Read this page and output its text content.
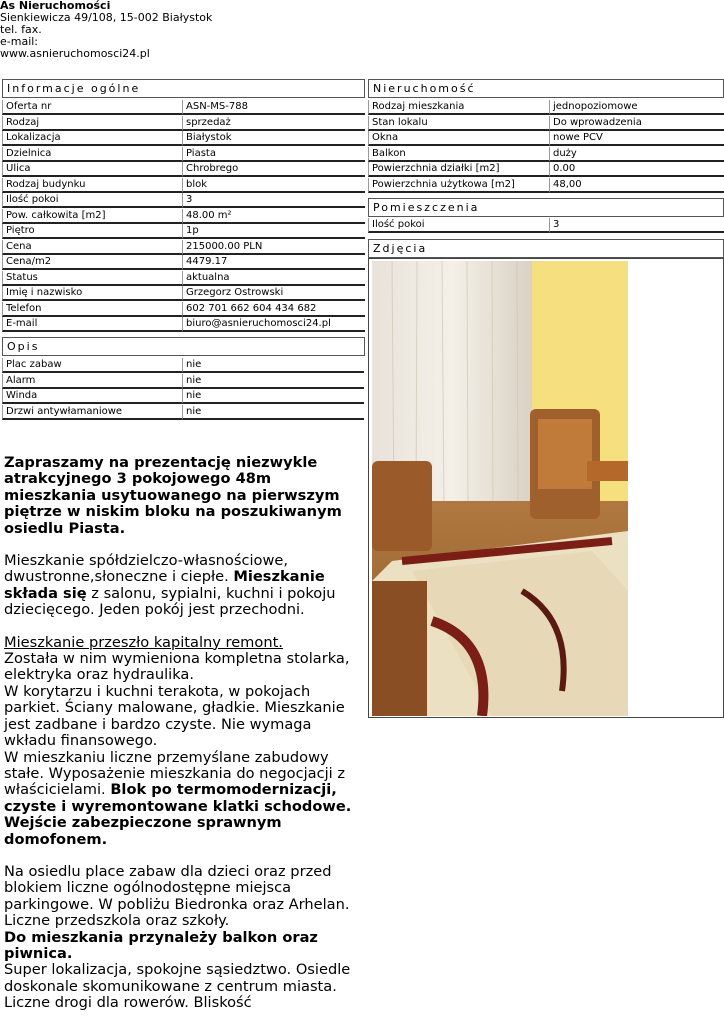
As Nieruchomości
Sienkiewicza 49/108, 15-002 Białystok
tel. fax.
e-mail:
www.asnieruchomosci24.pl
Informacje ogólne
Opis
Nieruchomość
Pomieszczenia
Zdjęcia
Oferta nr	ASN-MS-788
Rodzaj	sprzedaż
Lokalizacja	Białystok
Dzielnica	Piasta
Ulica	Chrobrego
Rodzaj budynku	blok
Ilość pokoi	3
Pow. całkowita [m2]	48.00 m²
Piętro	1p
Cena	215000.00 PLN
Cena/m2	4479.17
Status	aktualna
Imię i nazwisko	Grzegorz Ostrowski
Telefon	602 701 662 604 434 682
E-mail	biuro@asnieruchomosci24.pl
Plac zabaw	nie
Alarm	nie
Winda	nie
Drzwi antywłamaniowe	nie
Rodzaj mieszkania	jednopoziomowe
Stan lokalu	Do wprowadzenia
Okna	nowe PCV
Balkon	duży
Powierzchnia działki [m2]	0.00
Powierzchnia użytkowa [m2]	48,00
Ilość pokoi	3

Zapraszamy na prezentację niezwykle atrakcyjnego 3 pokojowego 48m mieszkania usytuowanego na pierwszym piętrze w niskim bloku na poszukiwanym osiedlu Piasta.

Mieszkanie spółdzielczo-własnościowe, dwustronne,słoneczne i ciepłe. Mieszkanie składa się z salonu, sypialni, kuchni i pokoju dziecięcego. Jeden pokój jest przechodni.

Mieszkanie przeszło kapitalny remont.
Została w nim wymieniona kompletna stolarka, elektryka oraz hydraulika.
W korytarzu i kuchni terakota, w pokojach parkiet. Ściany malowane, gładkie. Mieszkanie jest zadbane i bardzo czyste. Nie wymaga wkładu finansowego.
W mieszkaniu liczne przemyślane zabudowy stałe. Wyposażenie mieszkania do negocjacji z właścicielami. Blok po termomodernizacji, czyste i wyremontowane klatki schodowe. Wejście zabezpieczone sprawnym domofonem.

Na osiedlu place zabaw dla dzieci oraz przed blokiem liczne ogólnodostępne miejsca parkingowe. W pobliżu Biedronka oraz Arhelan. Liczne przedszkola oraz szkoły.
Do mieszkania przynależy balkon oraz piwnica.
Super lokalizacja, spokojne sąsiedztwo. Osiedle doskonale skomunikowane z centrum miasta. Liczne drogi dla rowerów. Bliskość
